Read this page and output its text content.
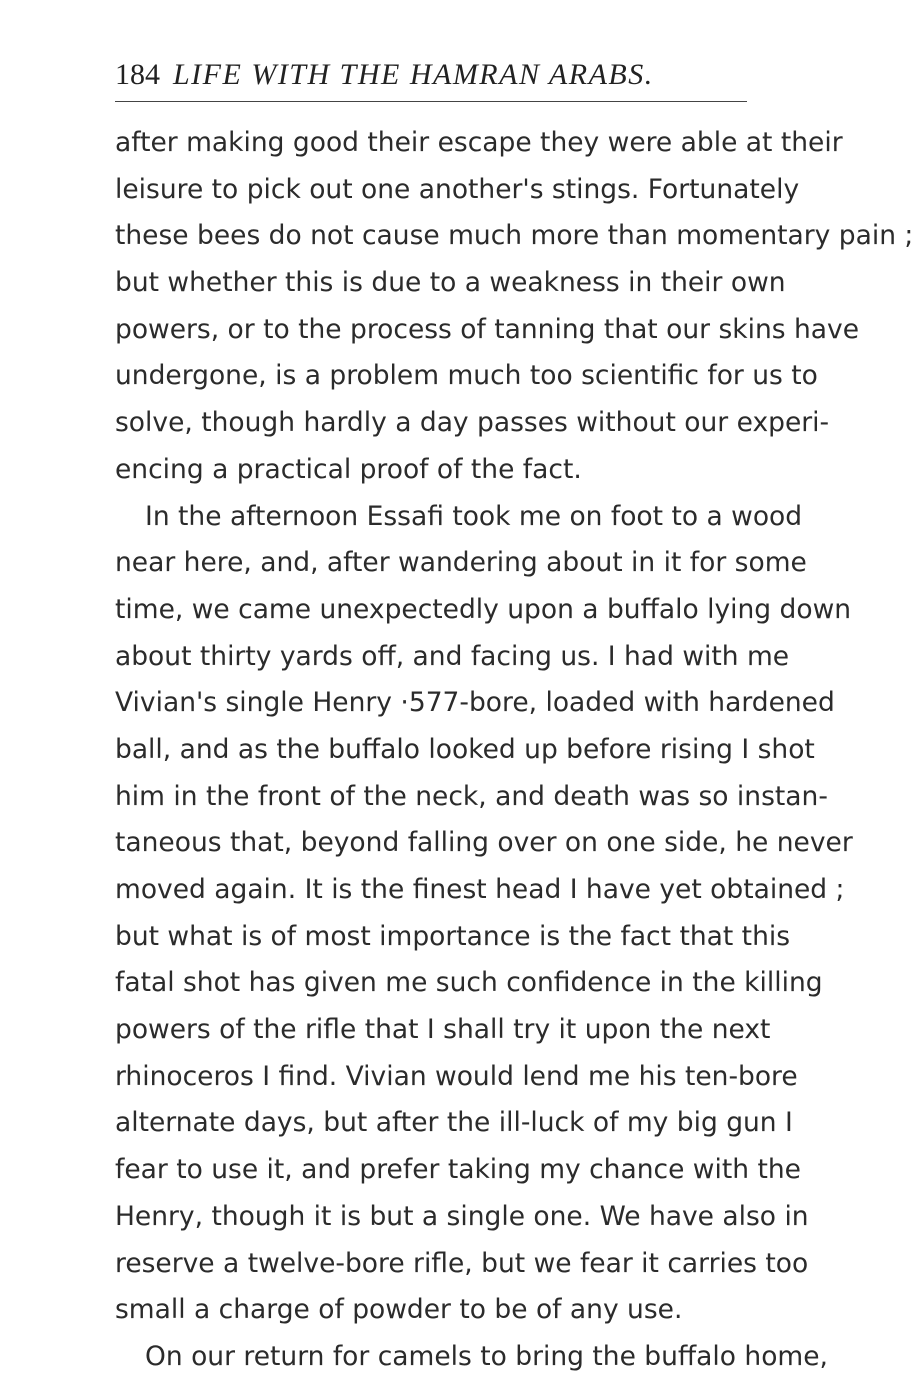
184 LIFE WITH THE HAMRAN ARABS.
after making good their escape they were able at their
leisure to pick out one another's stings. Fortunately
these bees do not cause much more than momentary pain ;
but whether this is due to a weakness in their own
powers, or to the process of tanning that our skins have
undergone, is a problem much too scientific for us to
solve, though hardly a day passes without our experi-
encing a practical proof of the fact.
In the afternoon Essafi took me on foot to a wood
near here, and, after wandering about in it for some
time, we came unexpectedly upon a buffalo lying down
about thirty yards off, and facing us. I had with me
Vivian's single Henry ·577-bore, loaded with hardened
ball, and as the buffalo looked up before rising I shot
him in the front of the neck, and death was so instan-
taneous that, beyond falling over on one side, he never
moved again. It is the finest head I have yet obtained ;
but what is of most importance is the fact that this
fatal shot has given me such confidence in the killing
powers of the rifle that I shall try it upon the next
rhinoceros I find. Vivian would lend me his ten-bore
alternate days, but after the ill-luck of my big gun I
fear to use it, and prefer taking my chance with the
Henry, though it is but a single one. We have also in
reserve a twelve-bore rifle, but we fear it carries too
small a charge of powder to be of any use.
On our return for camels to bring the buffalo home,
